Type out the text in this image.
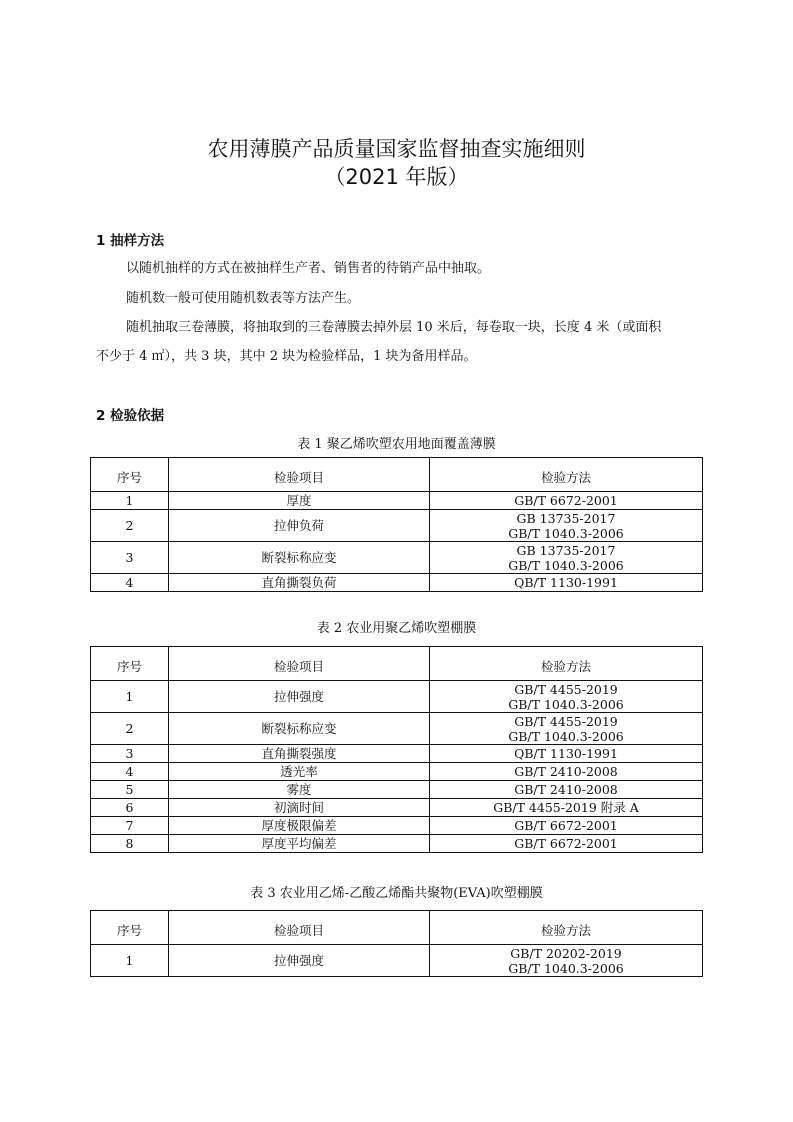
农用薄膜产品质量国家监督抽查实施细则
（2021 年版）
1 抽样方法
以随机抽样的方式在被抽样生产者、销售者的待销产品中抽取。
随机数一般可使用随机数表等方法产生。
随机抽取三卷薄膜，将抽取到的三卷薄膜去掉外层 10 米后，每卷取一块，长度 4 米（或面积
不少于 4 ㎡），共 3 块，其中 2 块为检验样品，1 块为备用样品。
2 检验依据
表 1 聚乙烯吹塑农用地面覆盖薄膜
序号	检验项目	检验方法
1	厚度	GB/T 6672-2001

2	拉伸负荷	GB 13735-2017
GB/T 1040.3-2006

3	断裂标称应变	GB 13735-2017
GB/T 1040.3-2006

4	直角撕裂负荷	QB/T 1130-1991
表 2 农业用聚乙烯吹塑棚膜
序号	检验项目	检验方法
1	拉伸强度	GB/T 4455-2019
GB/T 1040.3-2006

2	断裂标称应变	GB/T 4455-2019
GB/T 1040.3-2006

3	直角撕裂强度	QB/T 1130-1991

4	透光率	GB/T 2410-2008

5	雾度	GB/T 2410-2008

6	初滴时间	GB/T 4455-2019 附录 A

7	厚度极限偏差	GB/T 6672-2001

8	厚度平均偏差	GB/T 6672-2001
表 3 农业用乙烯-乙酸乙烯酯共聚物(EVA)吹塑棚膜
序号	检验项目	检验方法
1	拉伸强度	GB/T 20202-2019
GB/T 1040.3-2006
